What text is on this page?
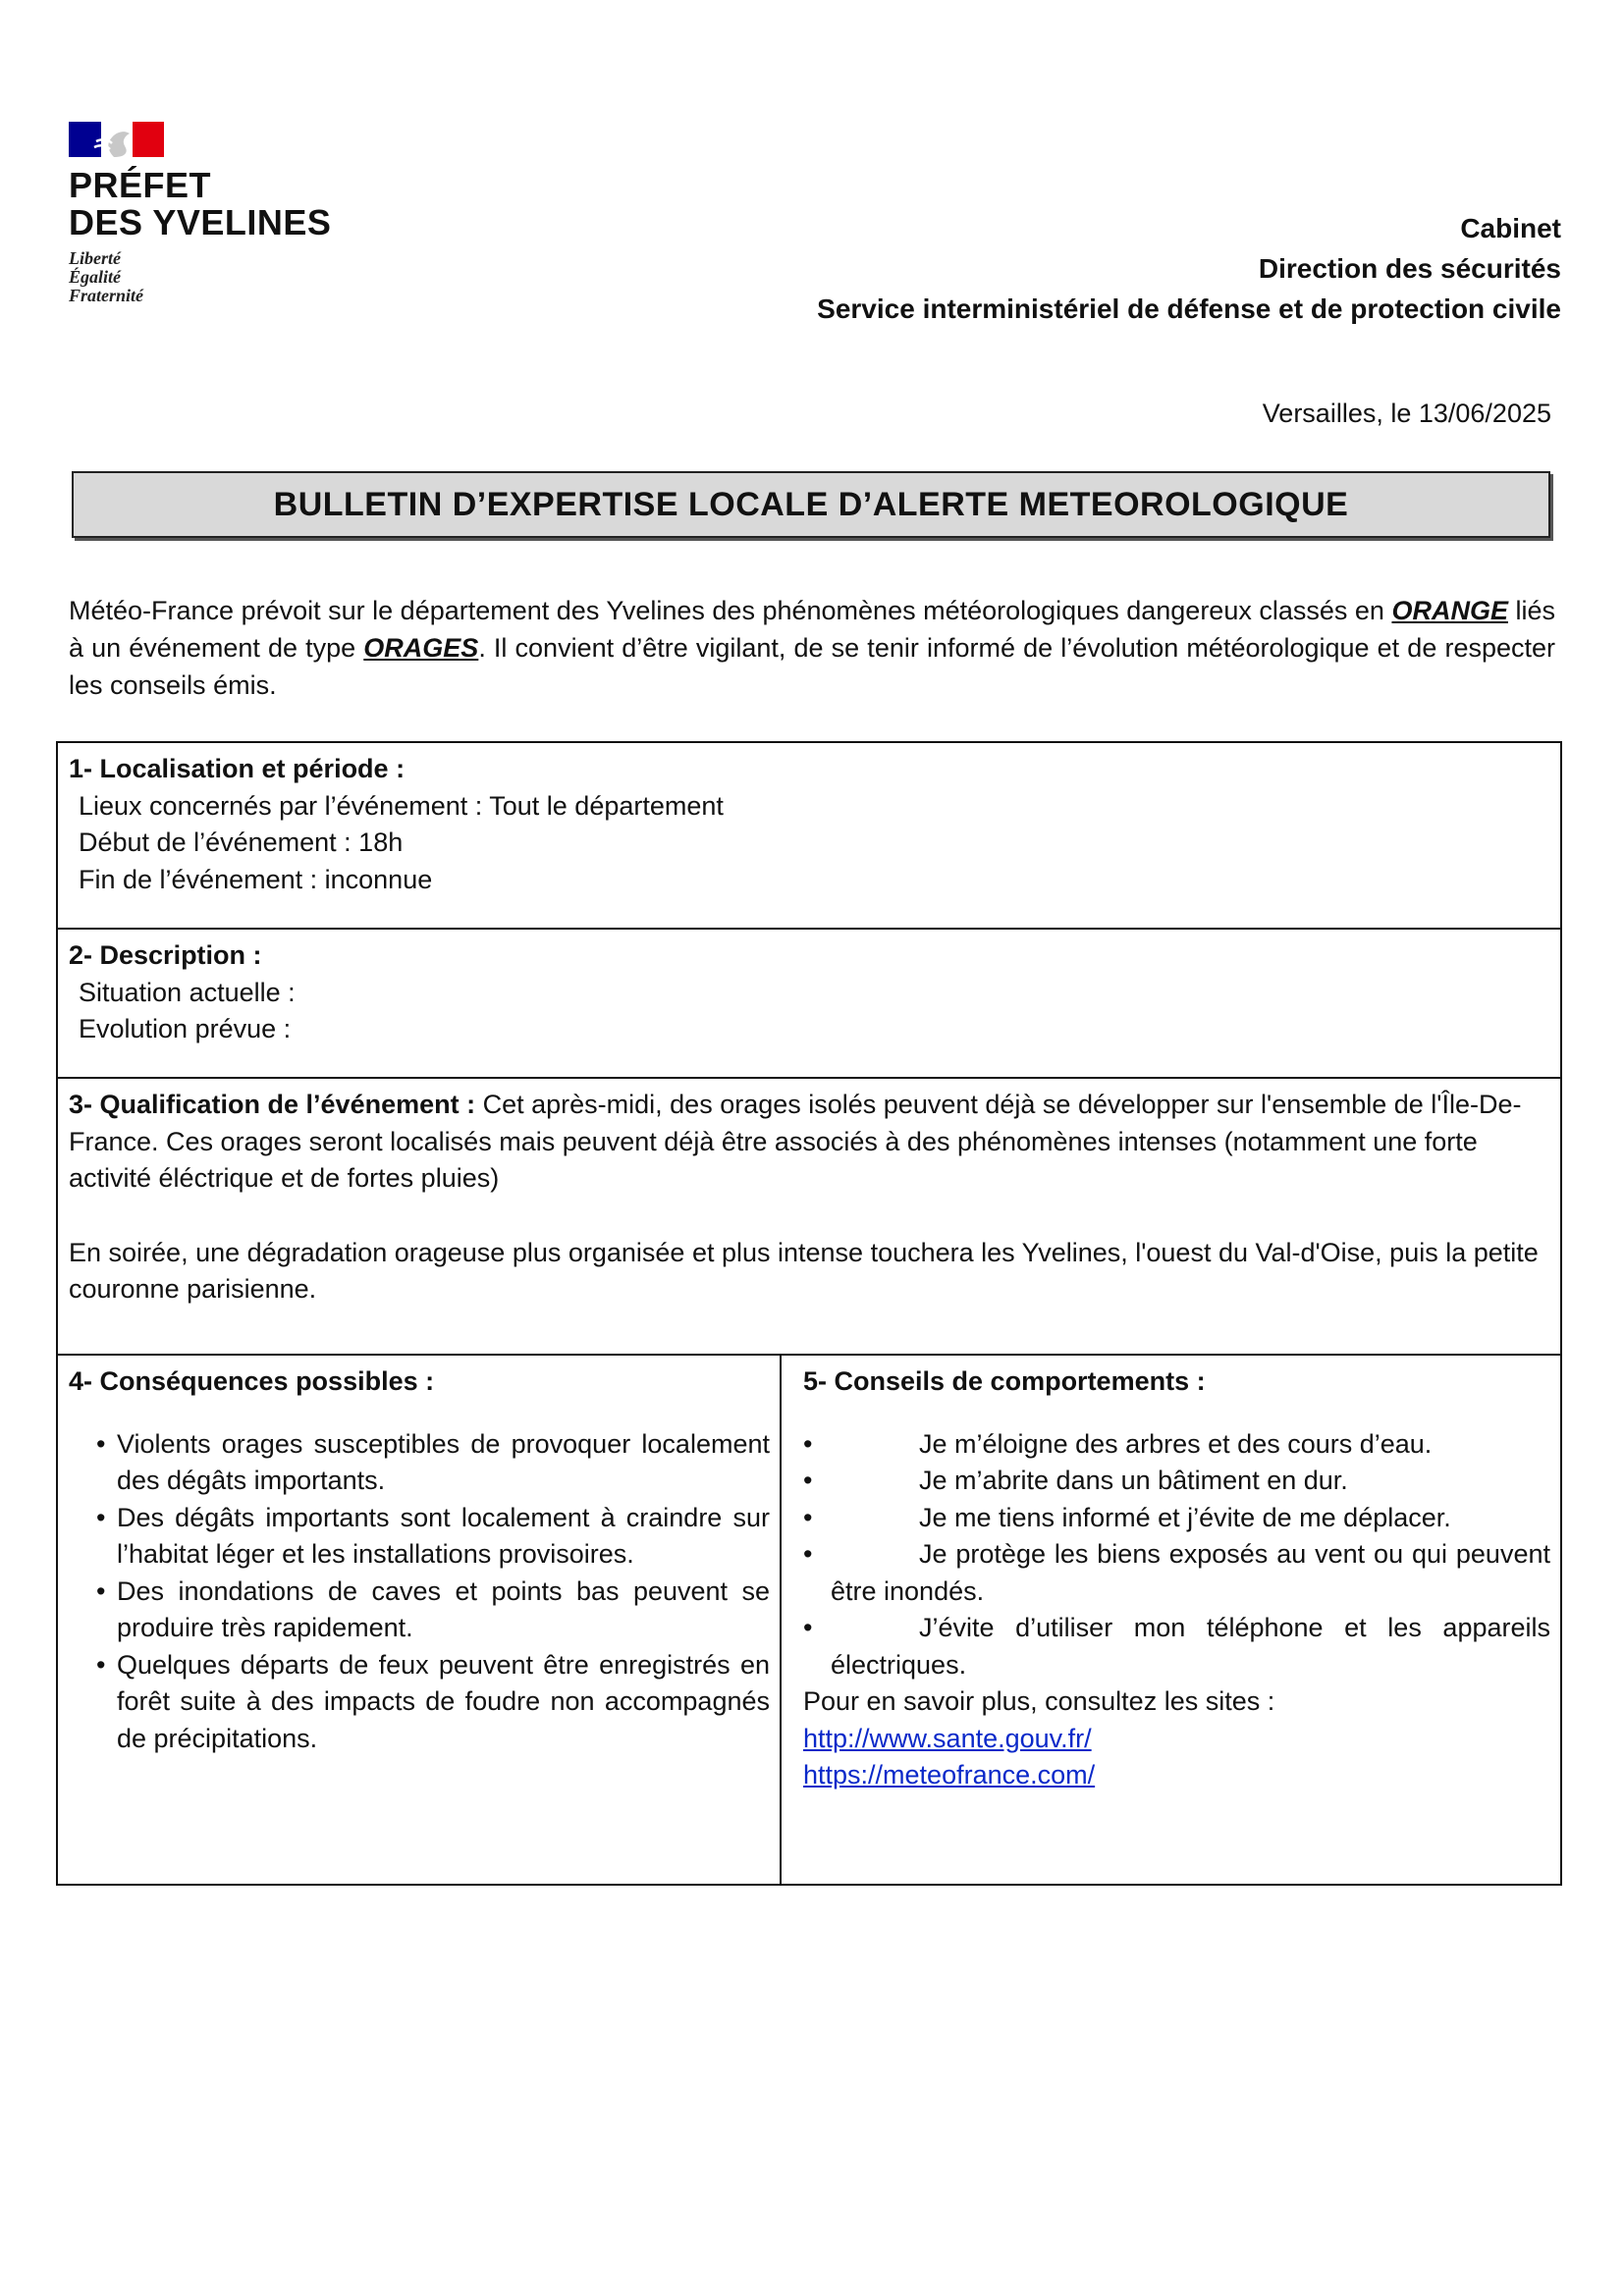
PRÉFET
DES YVELINES
Liberté
Égalité
Fraternité
Cabinet
Direction des sécurités
Service interministériel de défense et de protection civile
Versailles, le 13/06/2025
BULLETIN D’EXPERTISE LOCALE D’ALERTE METEOROLOGIQUE
Météo-France prévoit sur le département des Yvelines des phénomènes météorologiques dangereux classés en ORANGE liés à un événement de type ORAGES. Il convient d’être vigilant, de se tenir informé de l’évolution météorologique et de respecter les conseils émis.
1- Localisation et période :
Lieux concernés par l’événement : Tout le département
Début de l’événement : 18h
Fin de l’événement : inconnue
2- Description :
Situation actuelle :
Evolution prévue :
3- Qualification de l’événement : Cet après-midi, des orages isolés peuvent déjà se développer sur l'ensemble de l'Île-De-France. Ces orages seront localisés mais peuvent déjà être associés à des phénomènes intenses (notamment une forte activité éléctrique et de fortes pluies)
En soirée, une dégradation orageuse plus organisée et plus intense touchera les Yvelines, l'ouest du Val-d'Oise, puis la petite couronne parisienne.
4- Conséquences possibles :
• Violents orages susceptibles de provoquer localement des dégâts importants.
• Des dégâts importants sont localement à craindre sur l’habitat léger et les installations provisoires.
• Des inondations de caves et points bas peuvent se produire très rapidement.
• Quelques départs de feux peuvent être enregistrés en forêt suite à des impacts de foudre non accompagnés de précipitations.
5- Conseils de comportements :
• Je m’éloigne des arbres et des cours d’eau.
• Je m’abrite dans un bâtiment en dur.
• Je me tiens informé et j’évite de me déplacer.
• Je protège les biens exposés au vent ou qui peuvent être inondés.
• J’évite d’utiliser mon téléphone et les appareils électriques.
Pour en savoir plus, consultez les sites :
http://www.sante.gouv.fr/
https://meteofrance.com/
